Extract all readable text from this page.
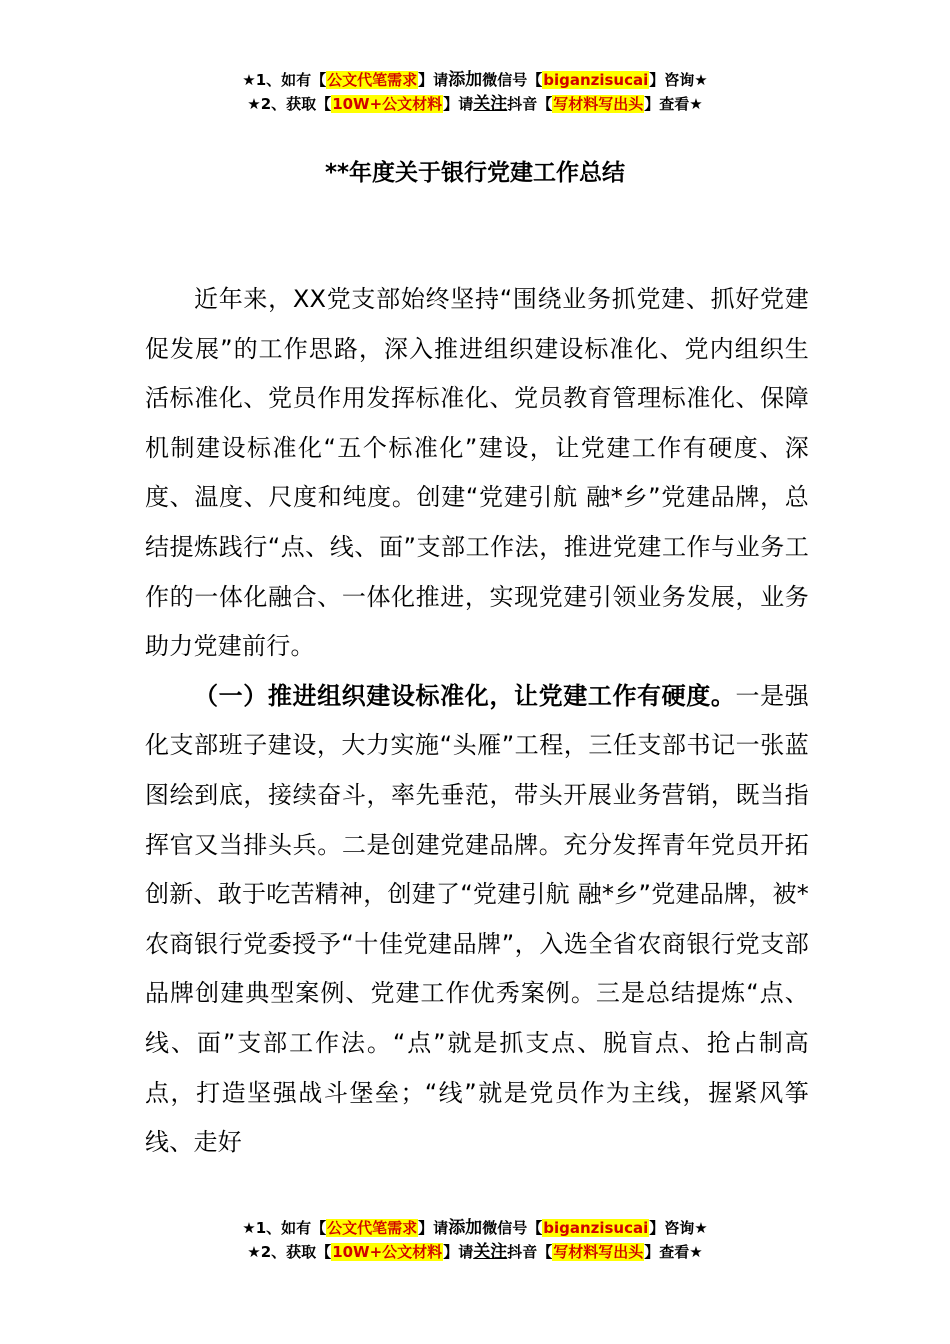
★1、如有【公文代笔需求】请添加微信号【biganzisucai】咨询★
★2、获取【10W+公文材料】请关注抖音【写材料写出头】查看★
**年度关于银行党建工作总结

近年来，XX党支部始终坚持“围绕业务抓党建、抓好党建促发展”的工作思路，深入推进组织建设标准化、党内组织生活标准化、党员作用发挥标准化、党员教育管理标准化、保障机制建设标准化“五个标准化”建设，让党建工作有硬度、深度、温度、尺度和纯度。创建“党建引航 融*乡”党建品牌，总结提炼践行“点、线、面”支部工作法，推进党建工作与业务工作的一体化融合、一体化推进，实现党建引领业务发展，业务助力党建前行。

（一）推进组织建设标准化，让党建工作有硬度。一是强化支部班子建设，大力实施“头雁”工程，三任支部书记一张蓝图绘到底，接续奋斗，率先垂范，带头开展业务营销，既当指挥官又当排头兵。二是创建党建品牌。充分发挥青年党员开拓创新、敢于吃苦精神，创建了“党建引航 融*乡”党建品牌，被*农商银行党委授予“十佳党建品牌”，入选全省农商银行党支部品牌创建典型案例、党建工作优秀案例。三是总结提炼“点、线、面”支部工作法。“点”就是抓支点、脱盲点、抢占制高点，打造坚强战斗堡垒；“线”就是党员作为主线，握紧风筝线、走好

★1、如有【公文代笔需求】请添加微信号【biganzisucai】咨询★
★2、获取【10W+公文材料】请关注抖音【写材料写出头】查看★
